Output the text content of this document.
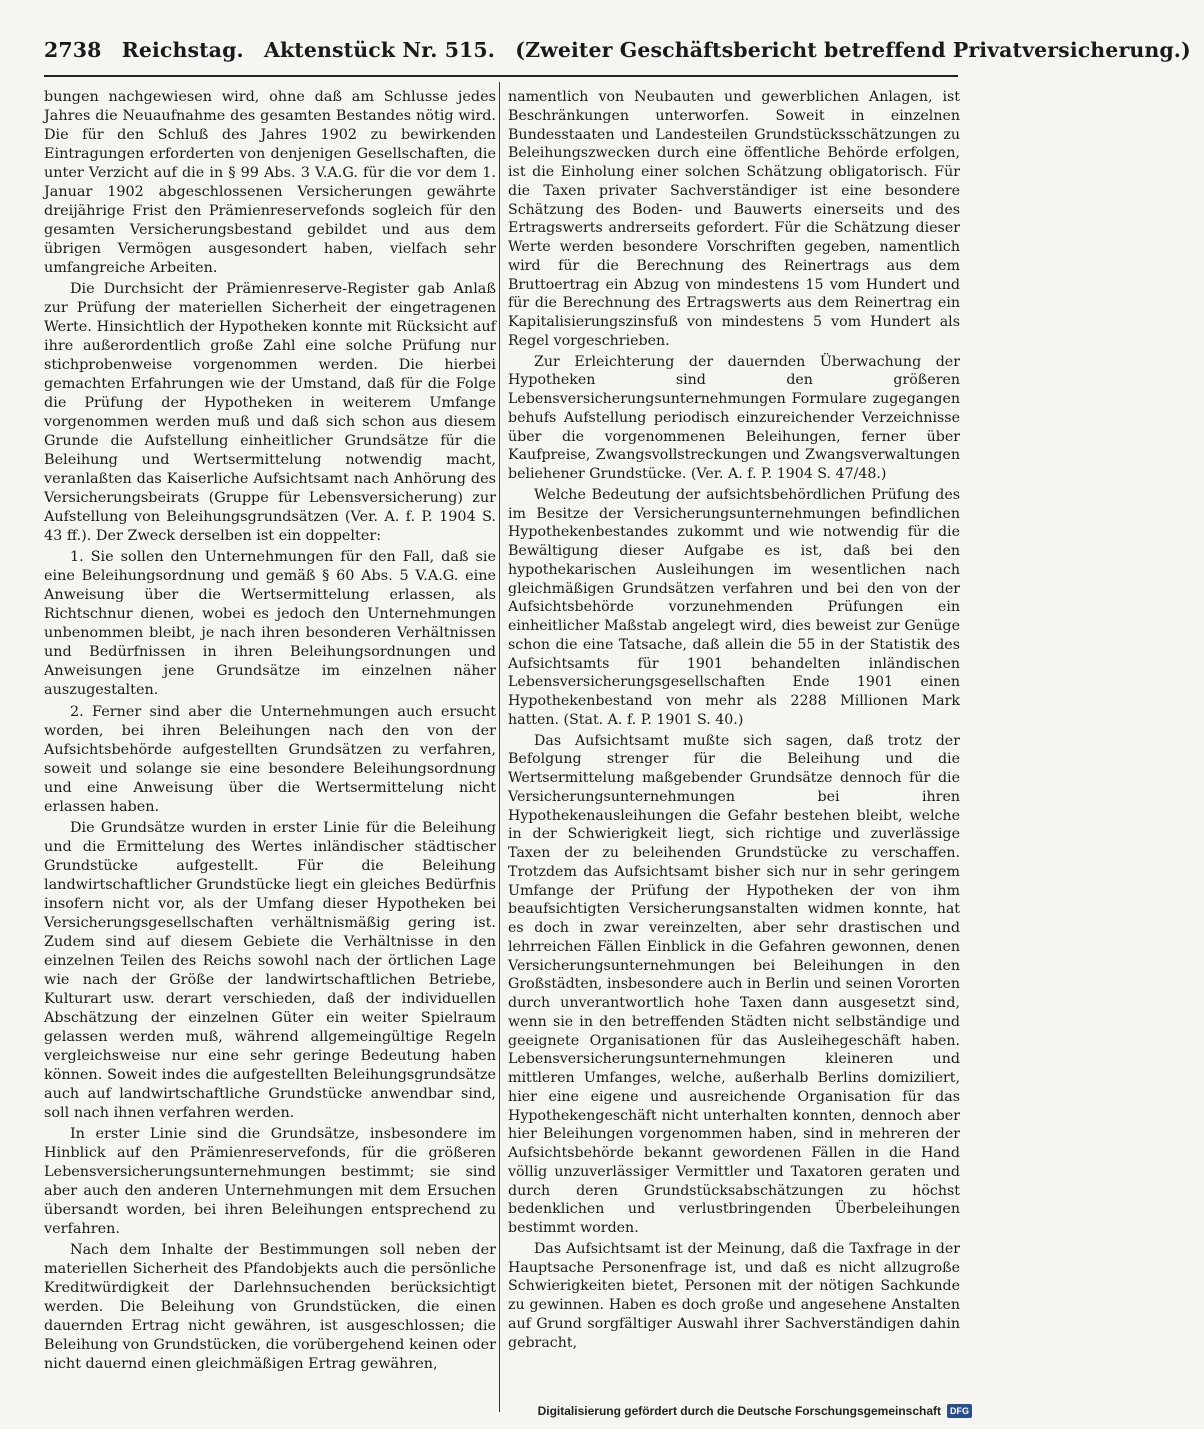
2738 Reichstag. Aktenstück Nr. 515. (Zweiter Geschäftsbericht betreffend Privatversicherung.)

bungen nachgewiesen wird, ohne daß am Schlusse jedes Jahres die Neuaufnahme des gesamten Bestandes nötig wird. Die für den Schluß des Jahres 1902 zu bewirkenden Eintragungen erforderten von denjenigen Gesellschaften, die unter Verzicht auf die in § 99 Abs. 3 V.A.G. für die vor dem 1. Januar 1902 abgeschlossenen Versicherungen gewährte dreijährige Frist den Prämienreservefonds sogleich für den gesamten Versicherungsbestand gebildet und aus dem übrigen Vermögen ausgesondert haben, vielfach sehr umfangreiche Arbeiten.

Die Durchsicht der Prämienreserve-Register gab Anlaß zur Prüfung der materiellen Sicherheit der eingetragenen Werte. Hinsichtlich der Hypotheken konnte mit Rücksicht auf ihre außerordentlich große Zahl eine solche Prüfung nur stichprobenweise vorgenommen werden. Die hierbei gemachten Erfahrungen wie der Umstand, daß für die Folge die Prüfung der Hypotheken in weiterem Umfange vorgenommen werden muß und daß sich schon aus diesem Grunde die Aufstellung einheitlicher Grundsätze für die Beleihung und Wertsermittelung notwendig macht, veranlaßten das Kaiserliche Aufsichtsamt nach Anhörung des Versicherungsbeirats (Gruppe für Lebensversicherung) zur Aufstellung von Beleihungsgrundsätzen (Ver. A. f. P. 1904 S. 43 ff.). Der Zweck derselben ist ein doppelter:

1. Sie sollen den Unternehmungen für den Fall, daß sie eine Beleihungsordnung und gemäß § 60 Abs. 5 V.A.G. eine Anweisung über die Wertsermittelung erlassen, als Richtschnur dienen, wobei es jedoch den Unternehmungen unbenommen bleibt, je nach ihren besonderen Verhältnissen und Bedürfnissen in ihren Beleihungsordnungen und Anweisungen jene Grundsätze im einzelnen näher auszugestalten.

2. Ferner sind aber die Unternehmungen auch ersucht worden, bei ihren Beleihungen nach den von der Aufsichtsbehörde aufgestellten Grundsätzen zu verfahren, soweit und solange sie eine besondere Beleihungsordnung und eine Anweisung über die Wertsermittelung nicht erlassen haben.

Die Grundsätze wurden in erster Linie für die Beleihung und die Ermittelung des Wertes inländischer städtischer Grundstücke aufgestellt. Für die Beleihung landwirtschaftlicher Grundstücke liegt ein gleiches Bedürfnis insofern nicht vor, als der Umfang dieser Hypotheken bei Versicherungsgesellschaften verhältnismäßig gering ist. Zudem sind auf diesem Gebiete die Verhältnisse in den einzelnen Teilen des Reichs sowohl nach der örtlichen Lage wie nach der Größe der landwirtschaftlichen Betriebe, Kulturart usw. derart verschieden, daß der individuellen Abschätzung der einzelnen Güter ein weiter Spielraum gelassen werden muß, während allgemeingültige Regeln vergleichsweise nur eine sehr geringe Bedeutung haben können. Soweit indes die aufgestellten Beleihungsgrundsätze auch auf landwirtschaftliche Grundstücke anwendbar sind, soll nach ihnen verfahren werden.

In erster Linie sind die Grundsätze, insbesondere im Hinblick auf den Prämienreservefonds, für die größeren Lebensversicherungsunternehmungen bestimmt; sie sind aber auch den anderen Unternehmungen mit dem Ersuchen übersandt worden, bei ihren Beleihungen entsprechend zu verfahren.

Nach dem Inhalte der Bestimmungen soll neben der materiellen Sicherheit des Pfandobjekts auch die persönliche Kreditwürdigkeit der Darlehnsuchenden berücksichtigt werden. Die Beleihung von Grundstücken, die einen dauernden Ertrag nicht gewähren, ist ausgeschlossen; die Beleihung von Grundstücken, die vorübergehend keinen oder nicht dauernd einen gleichmäßigen Ertrag gewähren,

namentlich von Neubauten und gewerblichen Anlagen, ist Beschränkungen unterworfen. Soweit in einzelnen Bundesstaaten und Landesteilen Grundstücksschätzungen zu Beleihungszwecken durch eine öffentliche Behörde erfolgen, ist die Einholung einer solchen Schätzung obligatorisch. Für die Taxen privater Sachverständiger ist eine besondere Schätzung des Boden- und Bauwerts einerseits und des Ertragswerts andrerseits gefordert. Für die Schätzung dieser Werte werden besondere Vorschriften gegeben, namentlich wird für die Berechnung des Reinertrags aus dem Bruttoertrag ein Abzug von mindestens 15 vom Hundert und für die Berechnung des Ertragswerts aus dem Reinertrag ein Kapitalisierungszinsfuß von mindestens 5 vom Hundert als Regel vorgeschrieben.

Zur Erleichterung der dauernden Überwachung der Hypotheken sind den größeren Lebensversicherungsunternehmungen Formulare zugegangen behufs Aufstellung periodisch einzureichender Verzeichnisse über die vorgenommenen Beleihungen, ferner über Kaufpreise, Zwangsvollstreckungen und Zwangsverwaltungen beliehener Grundstücke. (Ver. A. f. P. 1904 S. 47/48.)

Welche Bedeutung der aufsichtsbehördlichen Prüfung des im Besitze der Versicherungsunternehmungen befindlichen Hypothekenbestandes zukommt und wie notwendig für die Bewältigung dieser Aufgabe es ist, daß bei den hypothekarischen Ausleihungen im wesentlichen nach gleichmäßigen Grundsätzen verfahren und bei den von der Aufsichtsbehörde vorzunehmenden Prüfungen ein einheitlicher Maßstab angelegt wird, dies beweist zur Genüge schon die eine Tatsache, daß allein die 55 in der Statistik des Aufsichtsamts für 1901 behandelten inländischen Lebensversicherungsgesellschaften Ende 1901 einen Hypothekenbestand von mehr als 2288 Millionen Mark hatten. (Stat. A. f. P. 1901 S. 40.)

Das Aufsichtsamt mußte sich sagen, daß trotz der Befolgung strenger für die Beleihung und die Wertsermittelung maßgebender Grundsätze dennoch für die Versicherungsunternehmungen bei ihren Hypothekenausleihungen die Gefahr bestehen bleibt, welche in der Schwierigkeit liegt, sich richtige und zuverlässige Taxen der zu beleihenden Grundstücke zu verschaffen. Trotzdem das Aufsichtsamt bisher sich nur in sehr geringem Umfange der Prüfung der Hypotheken der von ihm beaufsichtigten Versicherungsanstalten widmen konnte, hat es doch in zwar vereinzelten, aber sehr drastischen und lehrreichen Fällen Einblick in die Gefahren gewonnen, denen Versicherungsunternehmungen bei Beleihungen in den Großstädten, insbesondere auch in Berlin und seinen Vororten durch unverantwortlich hohe Taxen dann ausgesetzt sind, wenn sie in den betreffenden Städten nicht selbständige und geeignete Organisationen für das Ausleihegeschäft haben. Lebensversicherungsunternehmungen kleineren und mittleren Umfanges, welche, außerhalb Berlins domiziliert, hier eine eigene und ausreichende Organisation für das Hypothekengeschäft nicht unterhalten konnten, dennoch aber hier Beleihungen vorgenommen haben, sind in mehreren der Aufsichtsbehörde bekannt gewordenen Fällen in die Hand völlig unzuverlässiger Vermittler und Taxatoren geraten und durch deren Grundstücksabschätzungen zu höchst bedenklichen und verlustbringenden Überbeleihungen bestimmt worden.

Das Aufsichtsamt ist der Meinung, daß die Taxfrage in der Hauptsache Personenfrage ist, und daß es nicht allzugroße Schwierigkeiten bietet, Personen mit der nötigen Sachkunde zu gewinnen. Haben es doch große und angesehene Anstalten auf Grund sorgfältiger Auswahl ihrer Sachverständigen dahin gebracht,

Digitalisierung gefördert durch die Deutsche Forschungsgemeinschaft	DFG
